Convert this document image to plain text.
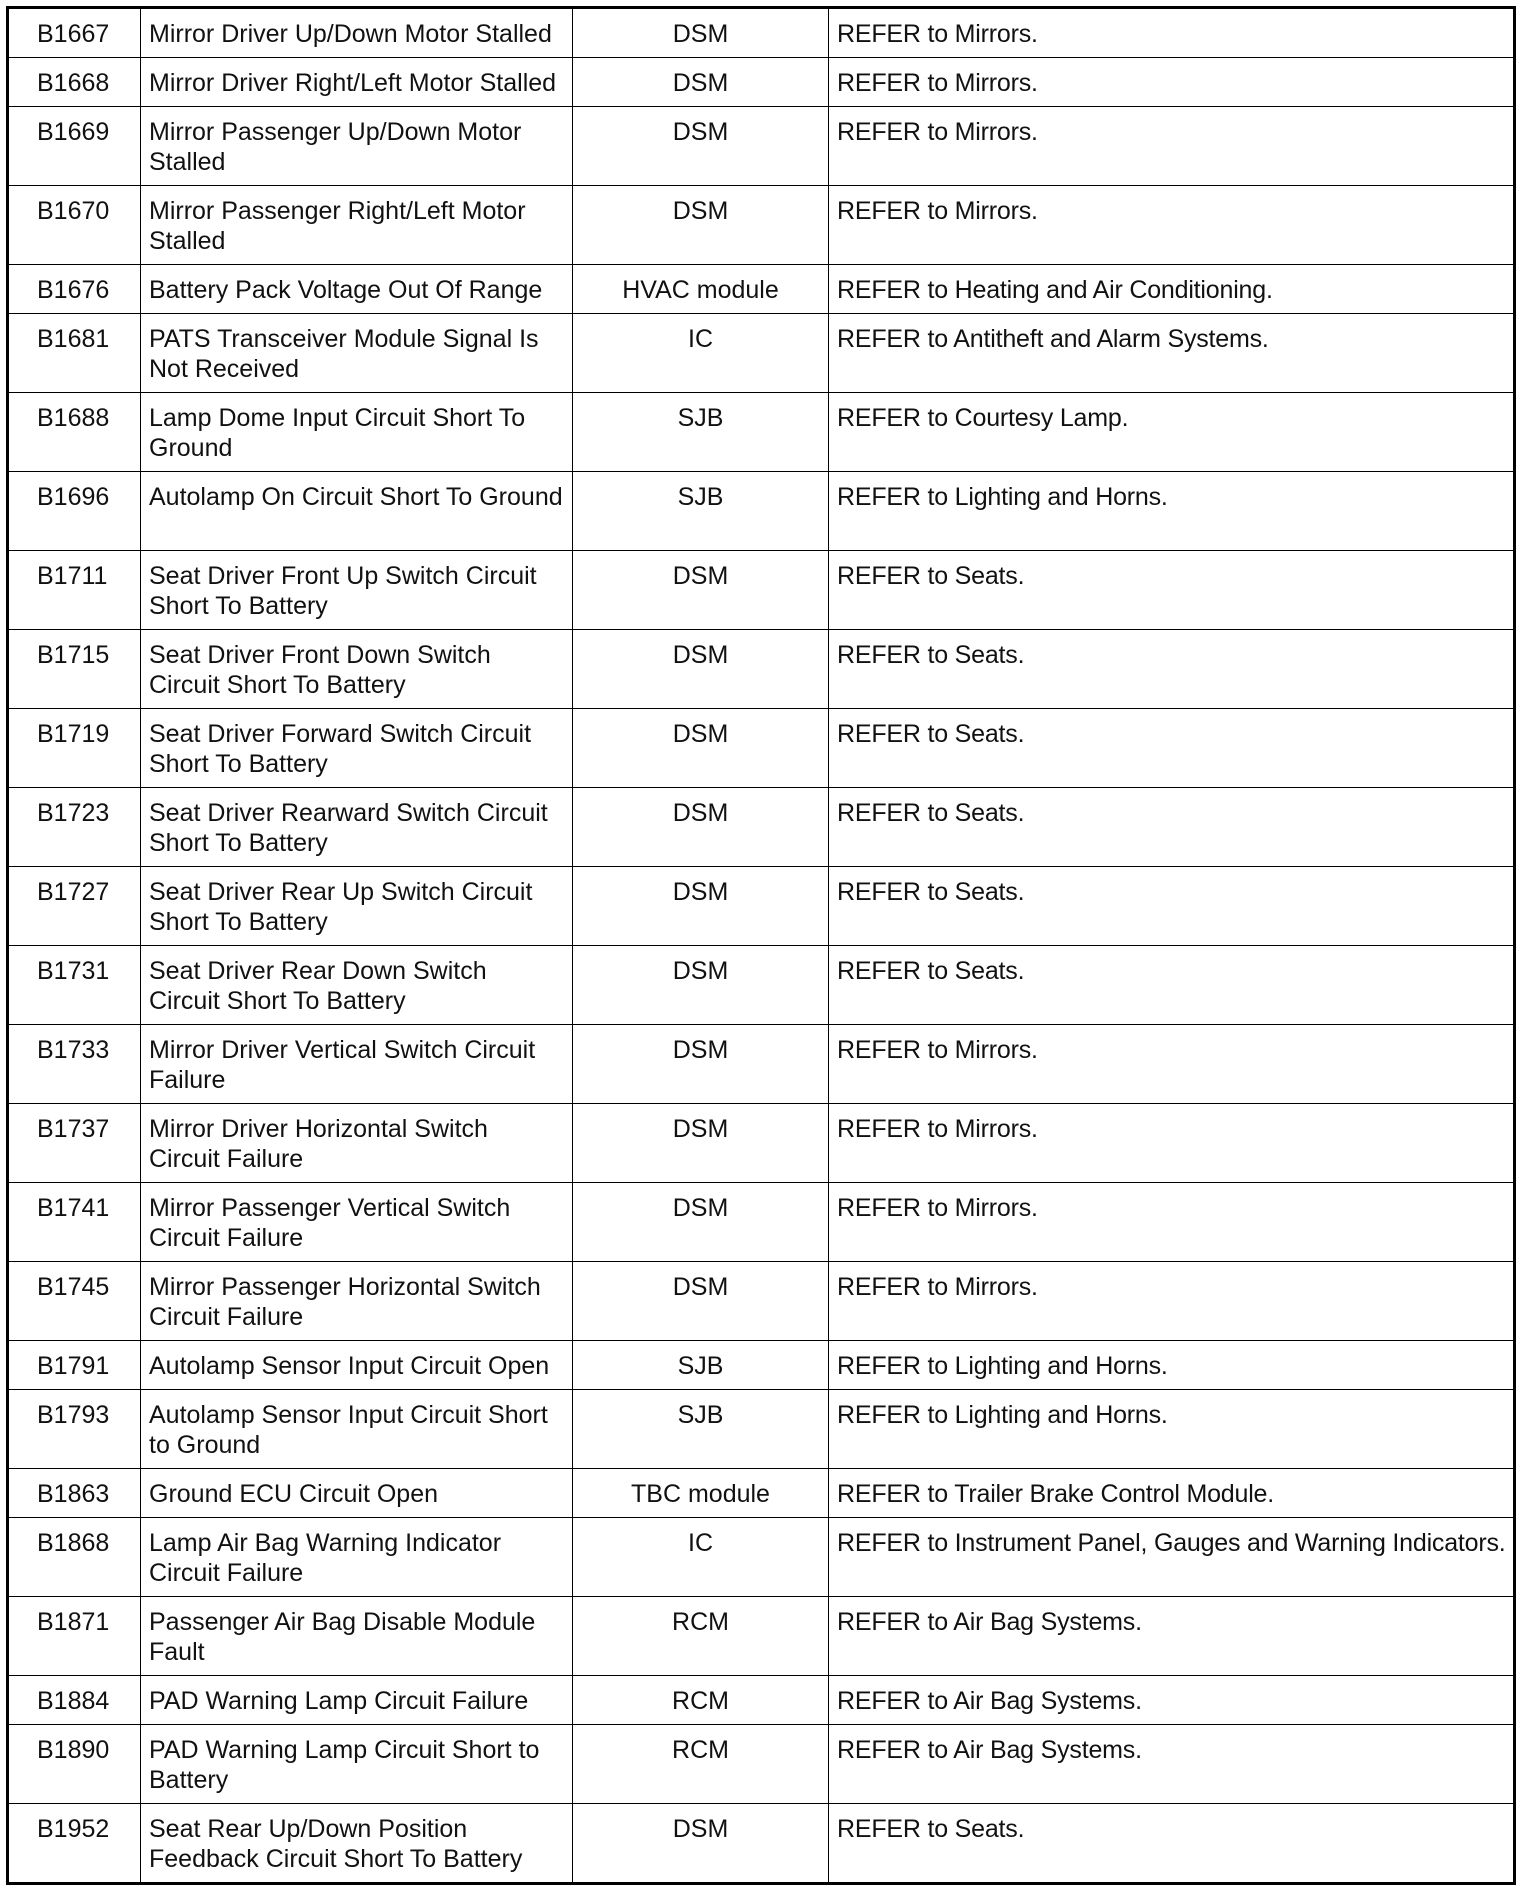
B1667	Mirror Driver Up/Down Motor Stalled	DSM	REFER to Mirrors.
B1668	Mirror Driver Right/Left Motor Stalled	DSM	REFER to Mirrors.
B1669	Mirror Passenger Up/Down Motor Stalled	DSM	REFER to Mirrors.
B1670	Mirror Passenger Right/Left Motor Stalled	DSM	REFER to Mirrors.
B1676	Battery Pack Voltage Out Of Range	HVAC module	REFER to Heating and Air Conditioning.
B1681	PATS Transceiver Module Signal Is Not Received	IC	REFER to Antitheft and Alarm Systems.
B1688	Lamp Dome Input Circuit Short To Ground	SJB	REFER to Courtesy Lamp.
B1696	Autolamp On Circuit Short To Ground	SJB	REFER to Lighting and Horns.
B1711	Seat Driver Front Up Switch Circuit Short To Battery	DSM	REFER to Seats.
B1715	Seat Driver Front Down Switch Circuit Short To Battery	DSM	REFER to Seats.
B1719	Seat Driver Forward Switch Circuit Short To Battery	DSM	REFER to Seats.
B1723	Seat Driver Rearward Switch Circuit Short To Battery	DSM	REFER to Seats.
B1727	Seat Driver Rear Up Switch Circuit Short To Battery	DSM	REFER to Seats.
B1731	Seat Driver Rear Down Switch Circuit Short To Battery	DSM	REFER to Seats.
B1733	Mirror Driver Vertical Switch Circuit Failure	DSM	REFER to Mirrors.
B1737	Mirror Driver Horizontal Switch Circuit Failure	DSM	REFER to Mirrors.
B1741	Mirror Passenger Vertical Switch Circuit Failure	DSM	REFER to Mirrors.
B1745	Mirror Passenger Horizontal Switch Circuit Failure	DSM	REFER to Mirrors.
B1791	Autolamp Sensor Input Circuit Open	SJB	REFER to Lighting and Horns.
B1793	Autolamp Sensor Input Circuit Short to Ground	SJB	REFER to Lighting and Horns.
B1863	Ground ECU Circuit Open	TBC module	REFER to Trailer Brake Control Module.
B1868	Lamp Air Bag Warning Indicator Circuit Failure	IC	REFER to Instrument Panel, Gauges and Warning Indicators.
B1871	Passenger Air Bag Disable Module Fault	RCM	REFER to Air Bag Systems.
B1884	PAD Warning Lamp Circuit Failure	RCM	REFER to Air Bag Systems.
B1890	PAD Warning Lamp Circuit Short to Battery	RCM	REFER to Air Bag Systems.
B1952	Seat Rear Up/Down Position Feedback Circuit Short To Battery	DSM	REFER to Seats.
